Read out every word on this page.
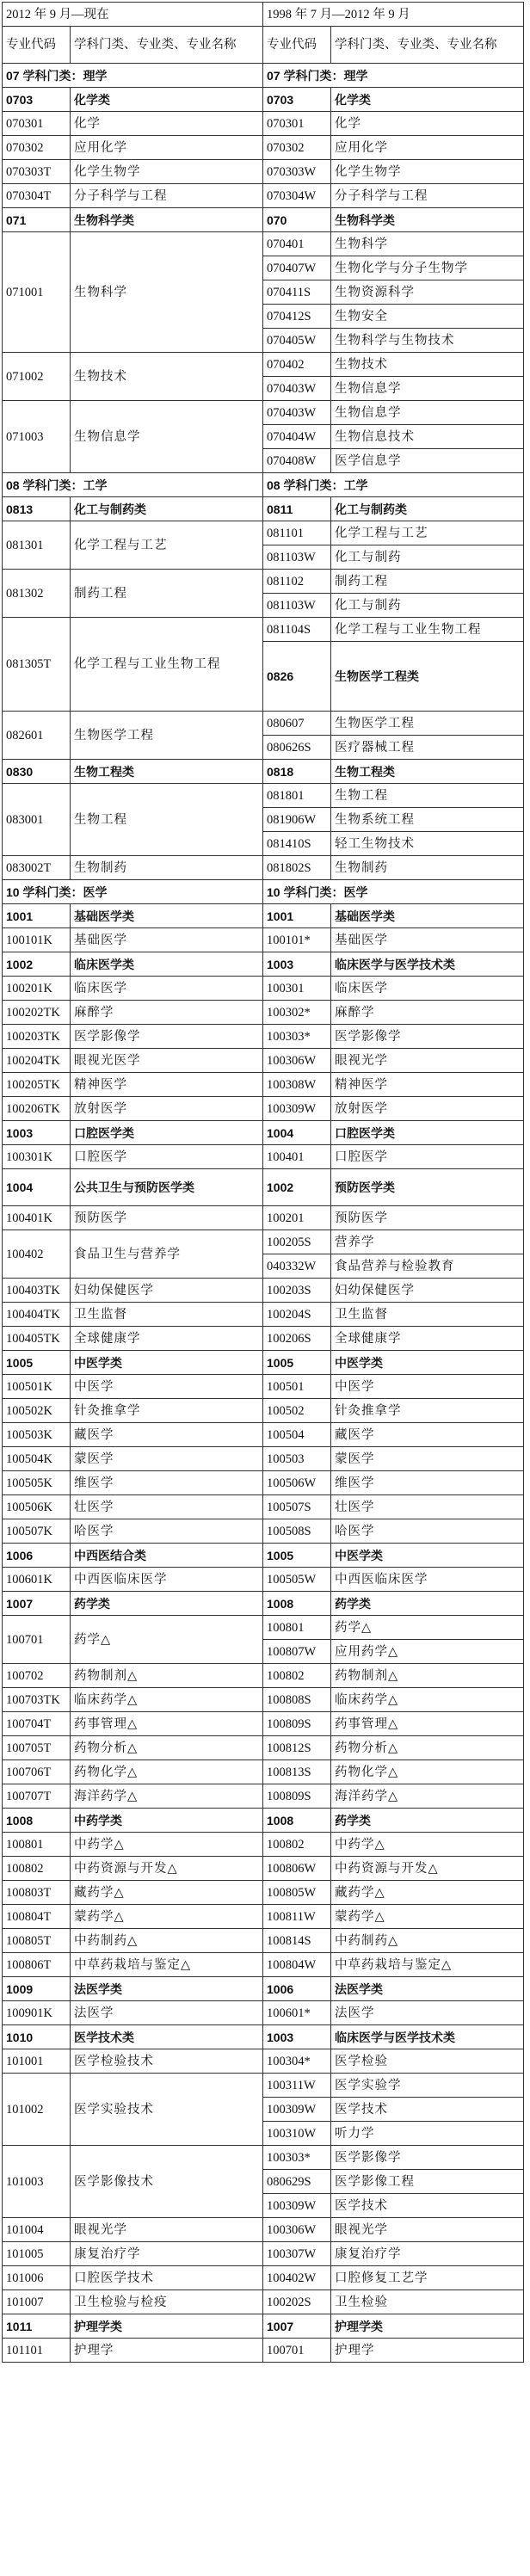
2012 年 9 月—现在		1998 年 7 月—2012 年 9 月		
专业代码	学科门类、专业类、专业名称	专业代码	学科门类、专业类、专业名称	
07 学科门类：理学		07 学科门类：理学		
0703	化学类	0703	化学类	
070301	化学	070301	化学	
070302	应用化学	070302	应用化学	
070303T	化学生物学	070303W	化学生物学	
070304T	分子科学与工程	070304W	分子科学与工程	
071	生物科学类	070	生物科学类	
071001	生物科学	070401	生物科学	
		070407W	生物化学与分子生物学	
		070411S	生物资源科学	
		070412S	生物安全	
		070405W	生物科学与生物技术	
071002	生物技术	070402	生物技术	
		070403W	生物信息学	
071003	生物信息学	070403W	生物信息学	
		070404W	生物信息技术	
		070408W	医学信息学	
08 学科门类：工学		08 学科门类：工学		
0813	化工与制药类	0811	化工与制药类	
081301	化学工程与工艺	081101	化学工程与工艺	
		081103W	化工与制药	
081302	制药工程	081102	制药工程	
		081103W	化工与制药	
081305T	化学工程与工业生物工程	081104S	化学工程与工业生物工程	
		0826	生物医学工程类		
082601	生物医学工程	080607	生物医学工程	
		080626S	医疗器械工程	
0830	生物工程类	0818	生物工程类	
083001	生物工程	081801	生物工程	
		081906W	生物系统工程	
		081410S	轻工生物技术	
083002T	生物制药	081802S	生物制药	
10 学科门类：医学		10 学科门类：医学		
1001	基础医学类	1001	基础医学类	
100101K	基础医学	100101*	基础医学	
1002	临床医学类	1003	临床医学与医学技术类	
100201K	临床医学	100301	临床医学	
100202TK	麻醉学	100302*	麻醉学	
100203TK	医学影像学	100303*	医学影像学	
100204TK	眼视光医学	100306W	眼视光学	
100205TK	精神医学	100308W	精神医学	
100206TK	放射医学	100309W	放射医学	
1003	口腔医学类	1004	口腔医学类	
100301K	口腔医学	100401	口腔医学	
1004	公共卫生与预防医学类	1002	预防医学类	
100401K	预防医学	100201	预防医学	
100402	食品卫生与营养学	100205S	营养学	
		040332W	食品营养与检验教育	
100403TK	妇幼保健医学	100203S	妇幼保健医学	
100404TK	卫生监督	100204S	卫生监督	
100405TK	全球健康学	100206S	全球健康学	
1005	中医学类	1005	中医学类	
100501K	中医学	100501	中医学	
100502K	针灸推拿学	100502	针灸推拿学	
100503K	藏医学	100504	藏医学	
100504K	蒙医学	100503	蒙医学	
100505K	维医学	100506W	维医学	
100506K	壮医学	100507S	壮医学	
100507K	哈医学	100508S	哈医学	
1006	中西医结合类	1005	中医学类	
100601K	中西医临床医学	100505W	中西医临床医学	
1007	药学类	1008	药学类	
100701	药学△	100801	药学△	
		100807W	应用药学△	
100702	药物制剂△	100802	药物制剂△	
100703TK	临床药学△	100808S	临床药学△	
100704T	药事管理△	100809S	药事管理△	
100705T	药物分析△	100812S	药物分析△	
100706T	药物化学△	100813S	药物化学△	
100707T	海洋药学△	100809S	海洋药学△	
1008	中药学类	1008	药学类	
100801	中药学△	100802	中药学△	
100802	中药资源与开发△	100806W	中药资源与开发△	
100803T	藏药学△	100805W	藏药学△	
100804T	蒙药学△	100811W	蒙药学△	
100805T	中药制药△	100814S	中药制药△	
100806T	中草药栽培与鉴定△	100804W	中草药栽培与鉴定△	
1009	法医学类	1006	法医学类	
100901K	法医学	100601*	法医学	
1010	医学技术类	1003	临床医学与医学技术类	
101001	医学检验技术	100304*	医学检验	
101002	医学实验技术	100311W	医学实验学	
		100309W	医学技术	
		100310W	听力学	
101003	医学影像技术	100303*	医学影像学	
		080629S	医学影像工程	
		100309W	医学技术	
101004	眼视光学	100306W	眼视光学	
101005	康复治疗学	100307W	康复治疗学	
101006	口腔医学技术	100402W	口腔修复工艺学	
101007	卫生检验与检疫	100202S	卫生检验	
1011	护理学类	1007	护理学类	
101101	护理学	100701	护理学	
